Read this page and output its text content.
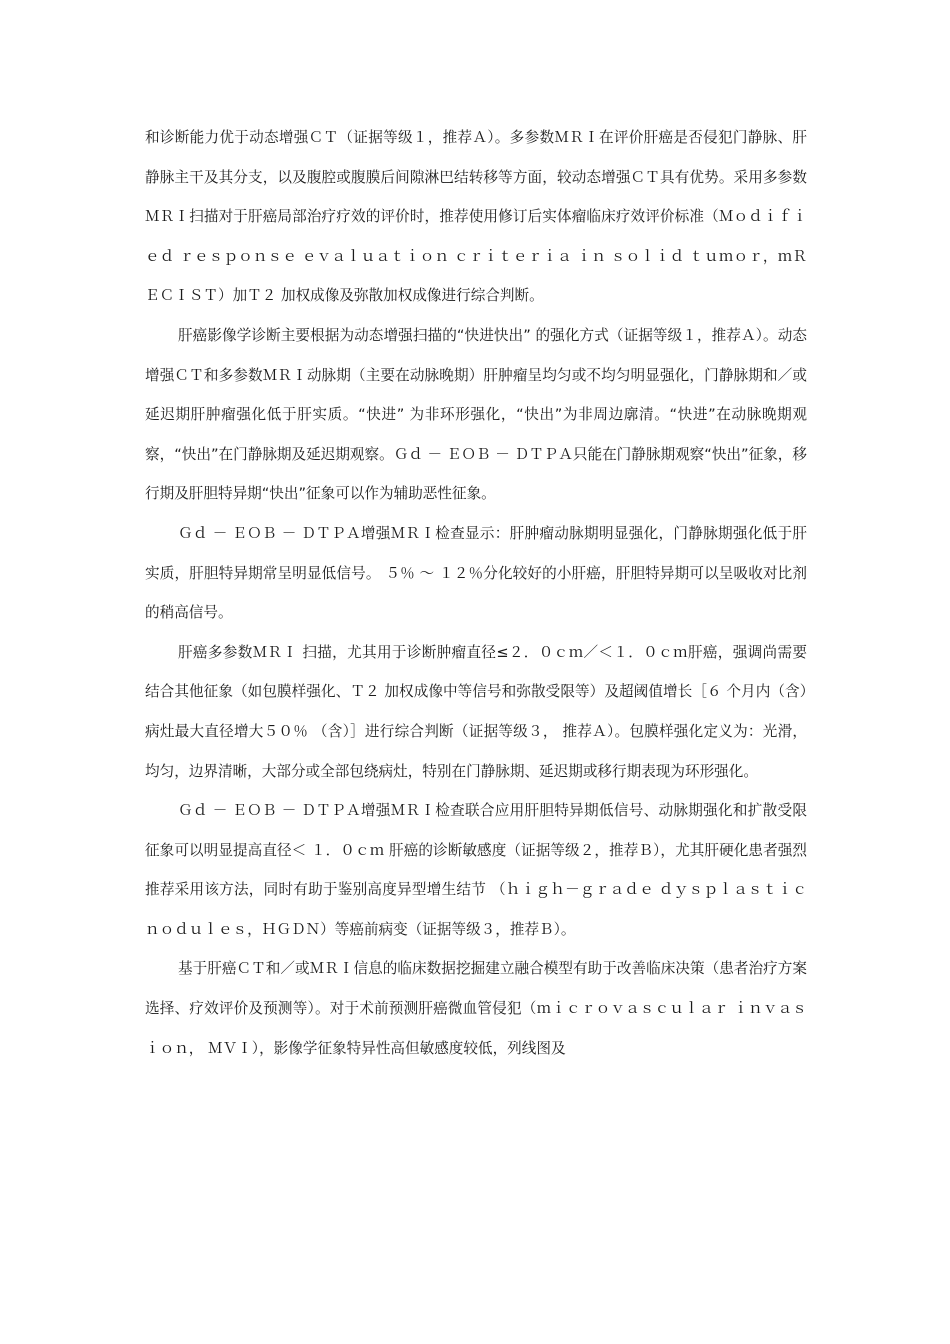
和诊断能力优于动态增强ＣＴ（证据等级１，推荐Ａ）。多参数ＭＲＩ在评价肝癌是否侵犯门静脉、肝静脉主干及其分支，以及腹腔或腹膜后间隙淋巴结转移等方面，较动态增强ＣＴ具有优势。采用多参数ＭＲＩ扫描对于肝癌局部治疗疗效的评价时，推荐使用修订后实体瘤临床疗效评价标准（Ｍｏｄｉｆｉｅｄ ｒｅｓｐｏｎｓｅ ｅｖａｌｕａｔｉｏｎ ｃｒｉｔｅｒｉａ ｉｎ ｓｏｌｉｄ ｔｕｍｏｒ，ｍＲＥＣＩＳＴ）加Ｔ２ 加权成像及弥散加权成像进行综合判断。

肝癌影像学诊断主要根据为动态增强扫描的“快进快出” 的强化方式（证据等级１，推荐Ａ）。动态增强ＣＴ和多参数ＭＲＩ动脉期（主要在动脉晚期）肝肿瘤呈均匀或不均匀明显强化，门静脉期和／或延迟期肝肿瘤强化低于肝实质。“快进” 为非环形强化，“快出”为非周边廓清。“快进”在动脉晚期观察，“快出”在门静脉期及延迟期观察。Ｇｄ － ＥＯＢ － ＤＴＰＡ只能在门静脉期观察“快出”征象，移行期及肝胆特异期“快出”征象可以作为辅助恶性征象。

Ｇｄ － ＥＯＢ － ＤＴＰＡ增强ＭＲＩ检查显示：肝肿瘤动脉期明显强化，门静脉期强化低于肝实质，肝胆特异期常呈明显低信号。 ５％ ～ １２％分化较好的小肝癌，肝胆特异期可以呈吸收对比剂的稍高信号。

肝癌多参数ＭＲＩ 扫描，尤其用于诊断肿瘤直径≤２．０ｃｍ／＜１．０ｃｍ肝癌，强调尚需要结合其他征象（如包膜样强化、Ｔ２ 加权成像中等信号和弥散受限等）及超阈值增长［６ 个月内（含）病灶最大直径增大５０％ （含）］进行综合判断（证据等级３， 推荐Ａ）。包膜样强化定义为：光滑，均匀，边界清晰，大部分或全部包绕病灶，特别在门静脉期、延迟期或移行期表现为环形强化。

Ｇｄ － ＥＯＢ － ＤＴＰＡ增强ＭＲＩ检查联合应用肝胆特异期低信号、动脉期强化和扩散受限征象可以明显提高直径＜ １．０ｃｍ 肝癌的诊断敏感度（证据等级２，推荐Ｂ），尤其肝硬化患者强烈推荐采用该方法，同时有助于鉴别高度异型增生结节 （ｈｉｇｈ－ｇｒａｄｅ ｄｙｓｐｌａｓｔｉｃ ｎｏｄｕｌｅｓ，ＨＧＤＮ）等癌前病变（证据等级３，推荐Ｂ）。

基于肝癌ＣＴ和／或ＭＲＩ信息的临床数据挖掘建立融合模型有助于改善临床决策（患者治疗方案选择、疗效评价及预测等）。对于术前预测肝癌微血管侵犯（ｍｉｃｒｏｖａｓｃｕｌａｒ ｉｎｖａｓｉｏｎ， ＭＶＩ），影像学征象特异性高但敏感度较低，列线图及
